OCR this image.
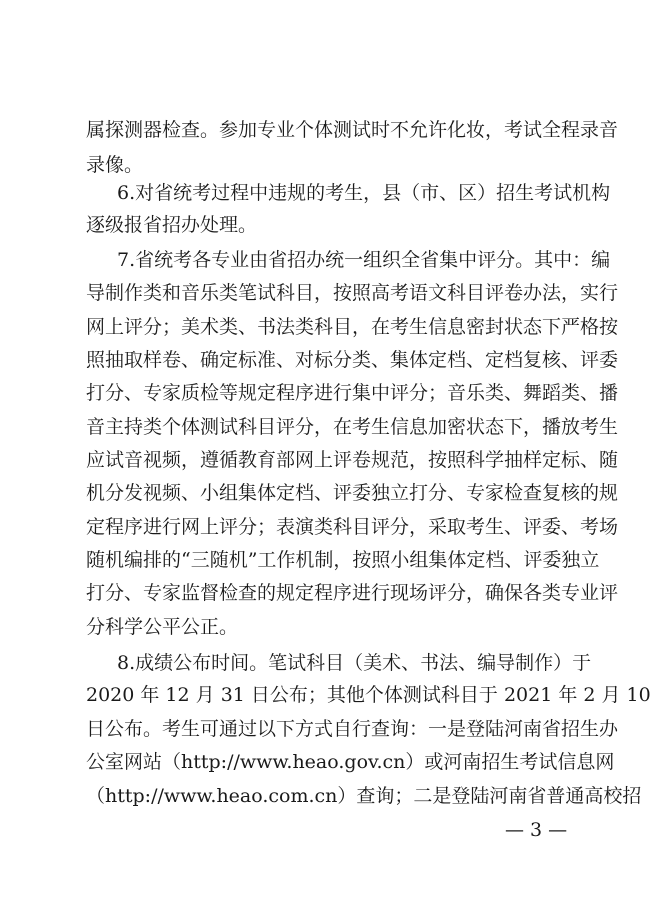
属探测器检查。参加专业个体测试时不允许化妆，考试全程录音
录像。
6.对省统考过程中违规的考生，县（市、区）招生考试机构
逐级报省招办处理。
7.省统考各专业由省招办统一组织全省集中评分。其中：编
导制作类和音乐类笔试科目，按照高考语文科目评卷办法，实行
网上评分；美术类、书法类科目，在考生信息密封状态下严格按
照抽取样卷、确定标准、对标分类、集体定档、定档复核、评委
打分、专家质检等规定程序进行集中评分；音乐类、舞蹈类、播
音主持类个体测试科目评分，在考生信息加密状态下，播放考生
应试音视频，遵循教育部网上评卷规范，按照科学抽样定标、随
机分发视频、小组集体定档、评委独立打分、专家检查复核的规
定程序进行网上评分；表演类科目评分，采取考生、评委、考场
随机编排的“三随机”工作机制，按照小组集体定档、评委独立
打分、专家监督检查的规定程序进行现场评分，确保各类专业评
分科学公平公正。
8.成绩公布时间。笔试科目（美术、书法、编导制作）于
2020 年 12 月 31 日公布；其他个体测试科目于 2021 年 2 月 10
日公布。考生可通过以下方式自行查询：一是登陆河南省招生办
公室网站（http://www.heao.gov.cn）或河南招生考试信息网
（http://www.heao.com.cn）查询；二是登陆河南省普通高校招
— 3 —
